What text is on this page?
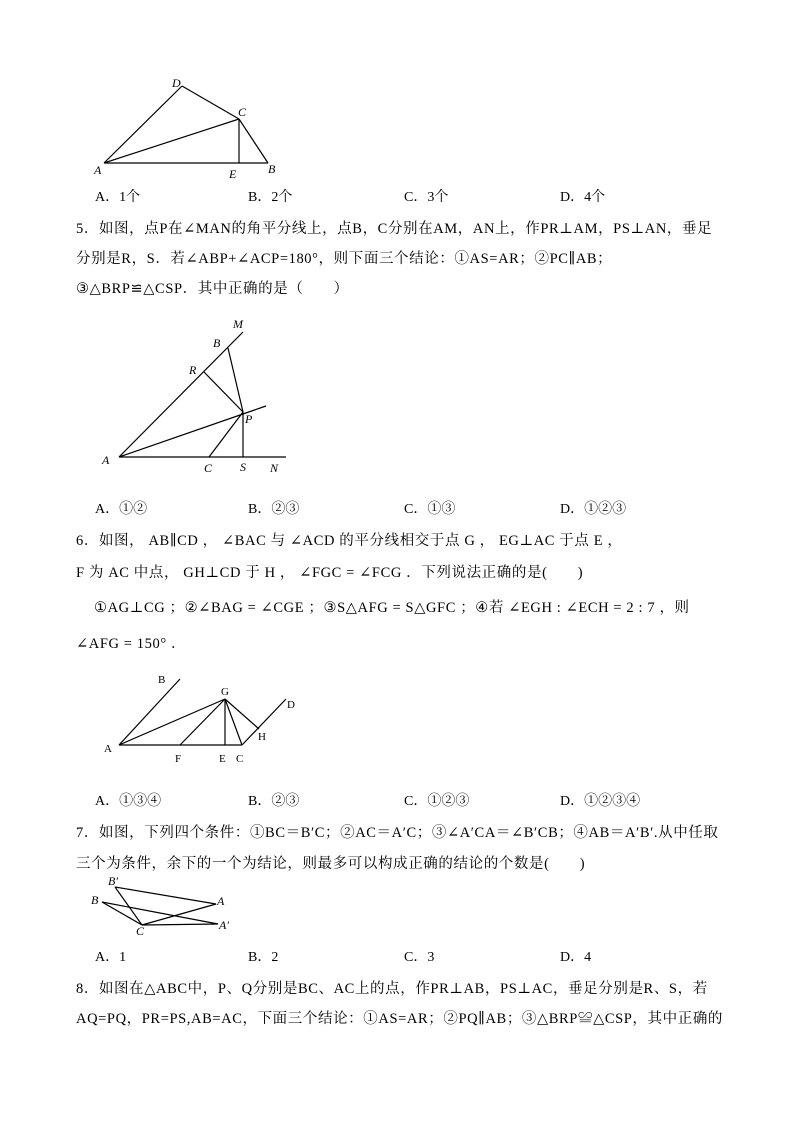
D
C
A	E	B
A．1个	B．2个	C．3个	D．4个
5．如图，点P在∠MAN的角平分线上，点B，C分别在AM，AN上，作PR⊥AM，PS⊥AN，垂足
分别是R，S．若∠ABP+∠ACP=180°，则下面三个结论：①AS=AR；②PC∥AB；
③△BRP≌△CSP．其中正确的是（　　）
M
B
R
P
A
C S N
A．①②	B．②③	C．①③	D．①②③
6．如图， AB∥CD ， ∠BAC 与 ∠ACD 的平分线相交于点 G ， EG⊥AC 于点 E ，
F 为 AC 中点， GH⊥CD 于 H ， ∠FGC = ∠FCG ．下列说法正确的是(　　)
①AG⊥CG ；②∠BAG = ∠CGE ；③S△AFG = S△GFC ；④若 ∠EGH : ∠ECH = 2 : 7 ，则
∠AFG = 150° ．
B
G
D
H
A
F	E C
A．①③④	B．②③	C．①②③	D．①②③④
7．如图，下列四个条件：①BC＝B′C；②AC＝A′C；③∠A′CA＝∠B′CB；④AB＝A′B′.从中任取
三个为条件，余下的一个为结论，则最多可以构成正确的结论的个数是(　　)
B′
B	A
A′
C
A．1	B．2	C．3	D．4
8．如图在△ABC中，P、Q分别是BC、AC上的点，作PR⊥AB，PS⊥AC，垂足分别是R、S，若
AQ=PQ，PR=PS,AB=AC，下面三个结论：①AS=AR；②PQ∥AB；③△BRP≌△CSP，其中正确的
